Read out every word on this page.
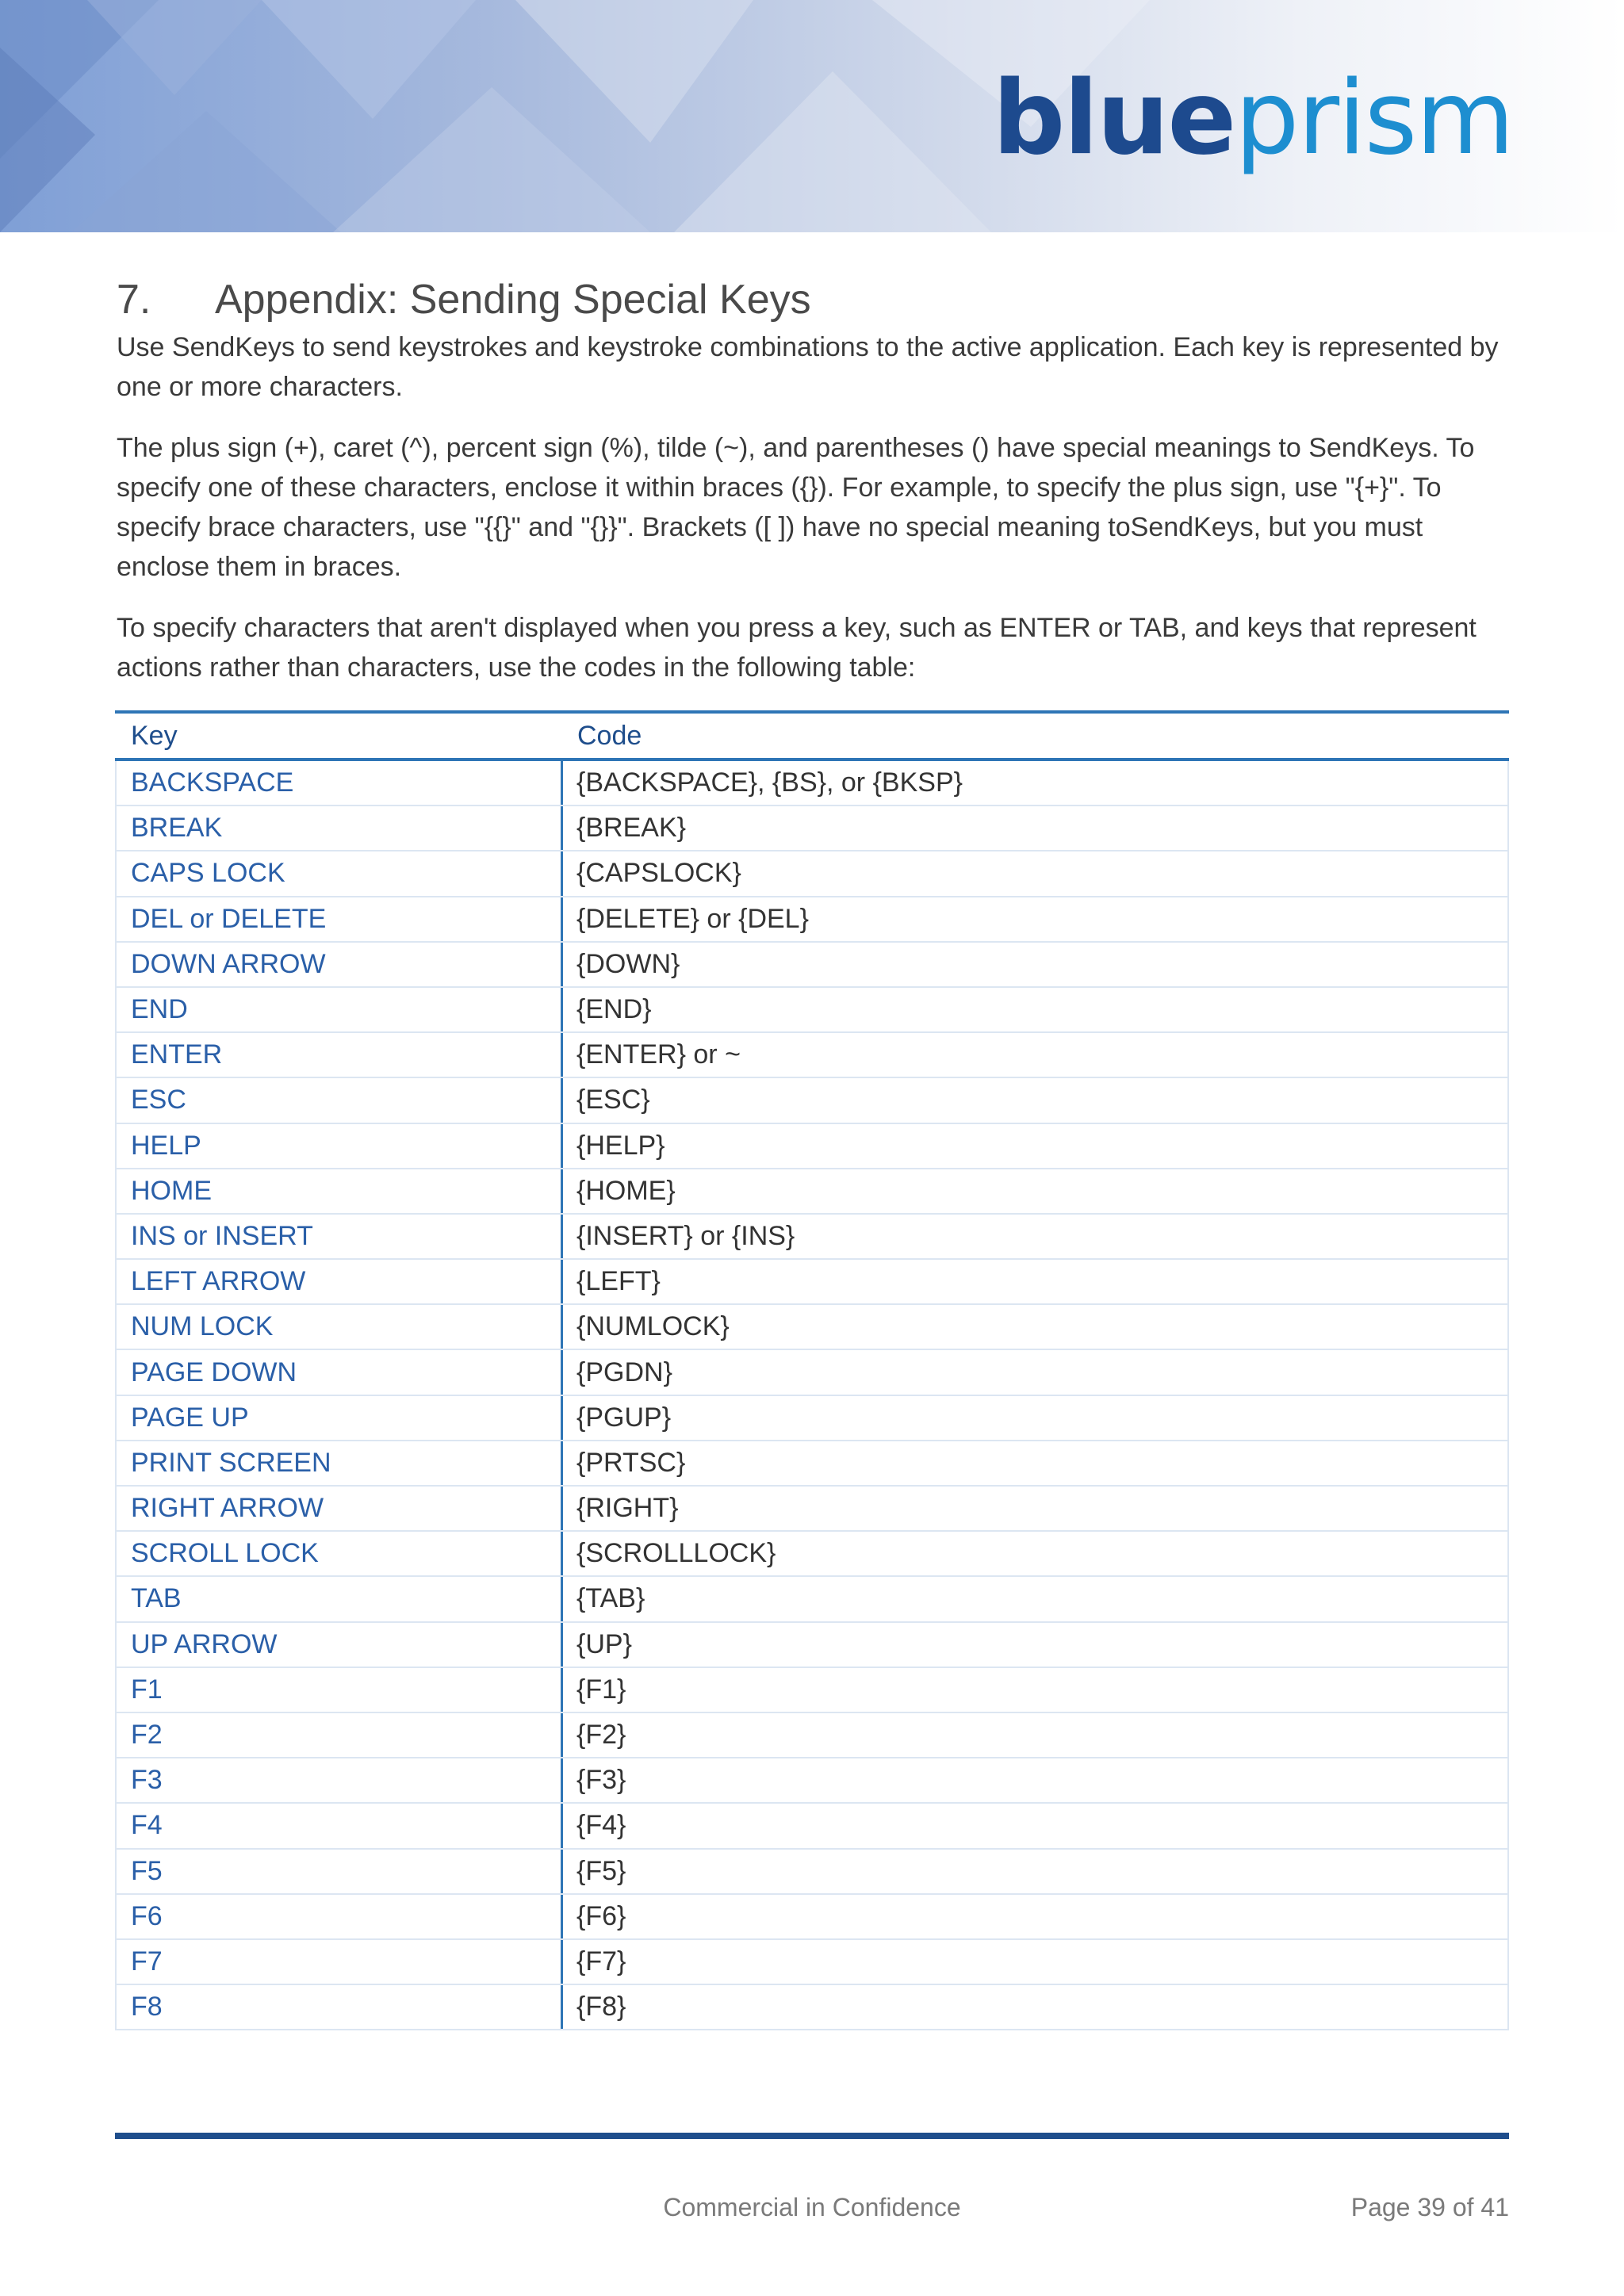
blueprism
7. Appendix: Sending Special Keys
Use SendKeys to send keystrokes and keystroke combinations to the active application. Each key is represented by one or more characters.
The plus sign (+), caret (^), percent sign (%), tilde (~), and parentheses () have special meanings to SendKeys. To specify one of these characters, enclose it within braces ({}). For example, to specify the plus sign, use "{+}". To specify brace characters, use "{{}" and "{}}". Brackets ([ ]) have no special meaning toSendKeys, but you must enclose them in braces.
To specify characters that aren't displayed when you press a key, such as ENTER or TAB, and keys that represent actions rather than characters, use the codes in the following table:
Key	Code
BACKSPACE	{BACKSPACE}, {BS}, or {BKSP}
BREAK	{BREAK}
CAPS LOCK	{CAPSLOCK}
DEL or DELETE	{DELETE} or {DEL}
DOWN ARROW	{DOWN}
END	{END}
ENTER	{ENTER} or ~
ESC	{ESC}
HELP	{HELP}
HOME	{HOME}
INS or INSERT	{INSERT} or {INS}
LEFT ARROW	{LEFT}
NUM LOCK	{NUMLOCK}
PAGE DOWN	{PGDN}
PAGE UP	{PGUP}
PRINT SCREEN	{PRTSC}
RIGHT ARROW	{RIGHT}
SCROLL LOCK	{SCROLLLOCK}
TAB	{TAB}
UP ARROW	{UP}
F1	{F1}
F2	{F2}
F3	{F3}
F4	{F4}
F5	{F5}
F6	{F6}
F7	{F7}
F8	{F8}
Commercial in Confidence	Page 39 of 41
